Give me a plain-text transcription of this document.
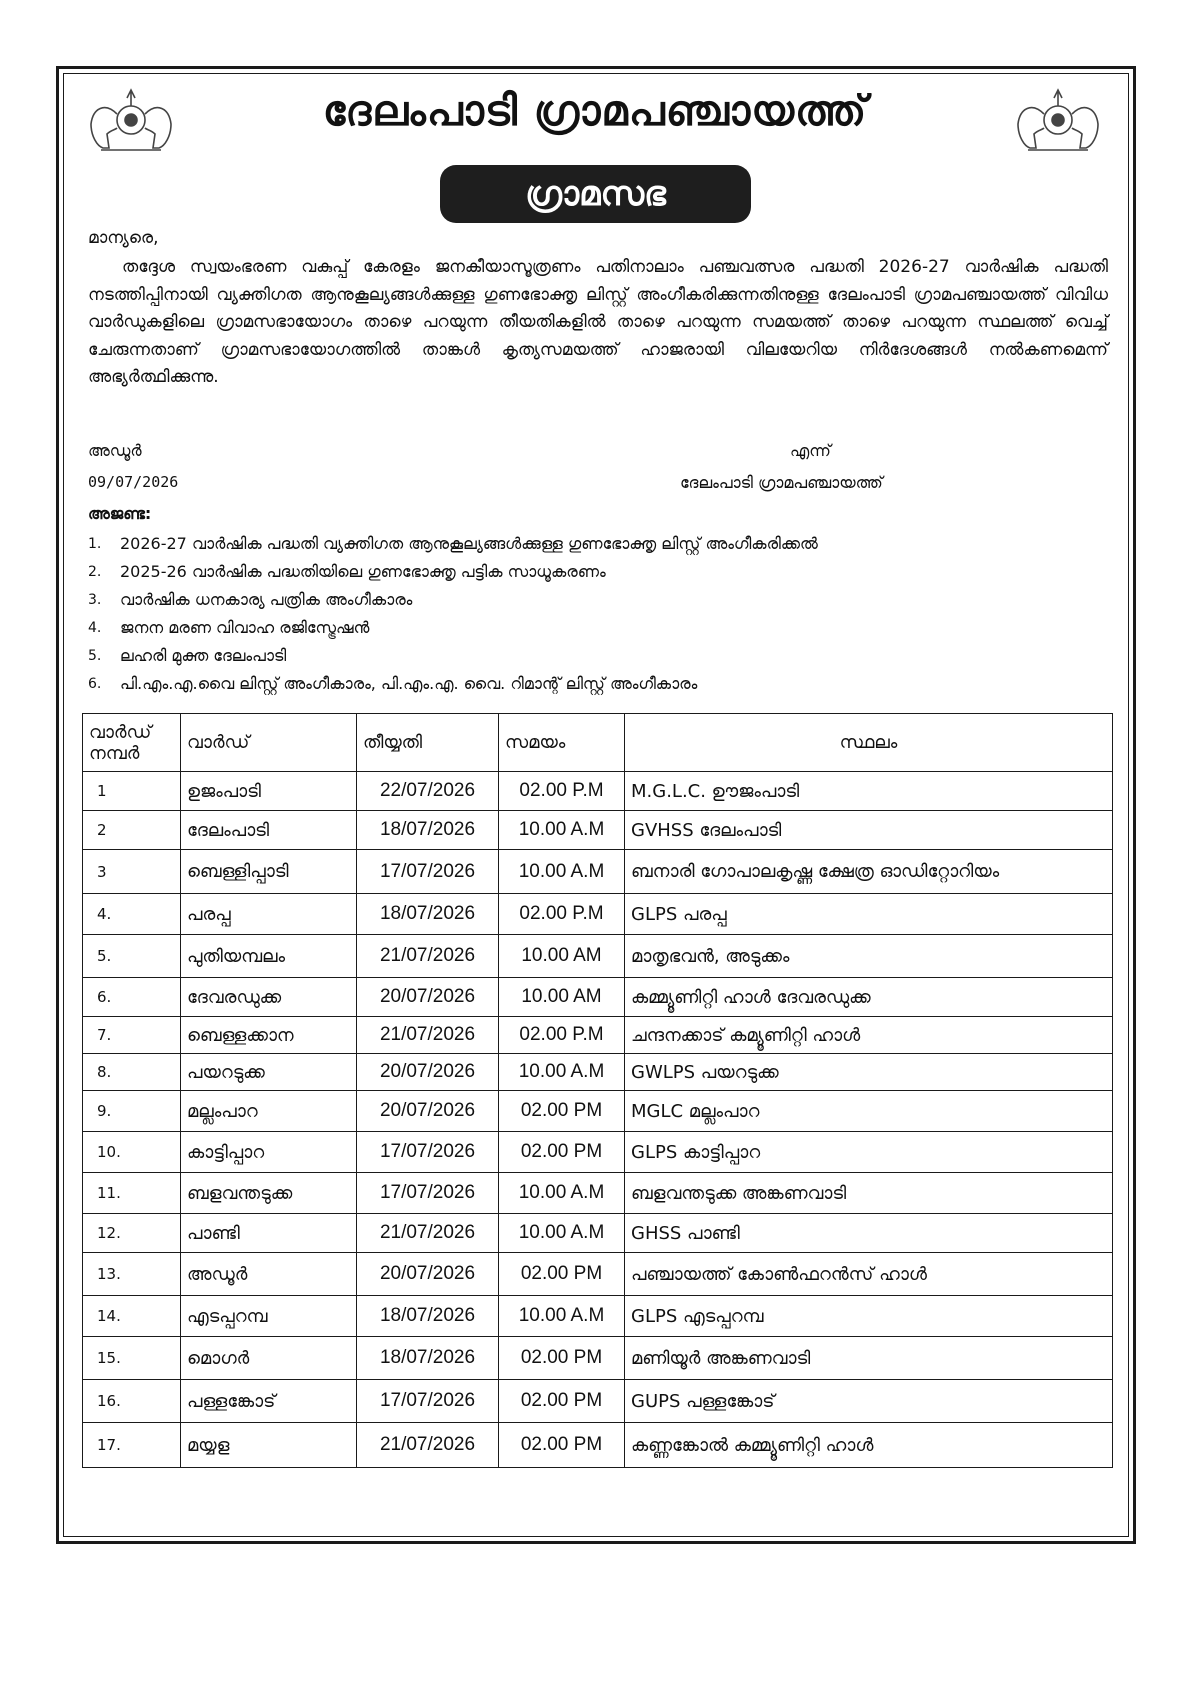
ദേലംപാടി ഗ്രാമപഞ്ചായത്ത്
ഗ്രാമസഭ
മാന്യരെ,

തദ്ദേശ സ്വയംഭരണ വകുപ്പ് കേരളം ജനകീയാസൂത്രണം പതിനാലാം പഞ്ചവത്സര പദ്ധതി 2026-27 വാർഷിക പദ്ധതി നടത്തിപ്പിനായി വ്യക്തിഗത ആനുകൂല്യങ്ങൾക്കുള്ള ഗുണഭോക്തൃ ലിസ്റ്റ് അംഗീകരിക്കുന്നതിനുള്ള ദേലംപാടി ഗ്രാമപഞ്ചായത്ത് വിവിധ വാർഡുകളിലെ ഗ്രാമസഭായോഗം താഴെ പറയുന്ന തീയതികളിൽ താഴെ പറയുന്ന സമയത്ത് താഴെ പറയുന്ന സ്ഥലത്ത് വെച്ച് ചേരുന്നതാണ് ഗ്രാമസഭായോഗത്തിൽ താങ്കൾ കൃത്യസമയത്ത് ഹാജരായി വിലയേറിയ നിർദേശങ്ങൾ നൽകണമെന്ന് അഭ്യർത്ഥിക്കുന്നു.

അഡൂർ	എന്ന്
09/07/2026	ദേലംപാടി ഗ്രാമപഞ്ചായത്ത്
അജണ്ട:
1.	2026-27 വാർഷിക പദ്ധതി വ്യക്തിഗത ആനുകൂല്യങ്ങൾക്കുള്ള ഗുണഭോക്തൃ ലിസ്റ്റ് അംഗീകരിക്കൽ
2.	2025-26 വാർഷിക പദ്ധതിയിലെ ഗുണഭോക്തൃ പട്ടിക സാധൂകരണം
3.	വാർഷിക ധനകാര്യ പത്രിക അംഗീകാരം
4.	ജനന മരണ വിവാഹ രജിസ്ട്രേഷൻ
5.	ലഹരി മുക്ത ദേലംപാടി
6.	പി.എം.എ.വൈ ലിസ്റ്റ് അംഗീകാരം, പി.എം.എ. വൈ. റിമാന്റ് ലിസ്റ്റ് അംഗീകാരം
വാർഡ്
നമ്പർ	വാർഡ്	തീയ്യതി	സമയം	സ്ഥലം
1	ഉജംപാടി	22/07/2026	02.00 P.M	M.G.L.C. ഊജംപാടി
2	ദേലംപാടി	18/07/2026	10.00 A.M	GVHSS ദേലംപാടി
3	ബെള്ളിപ്പാടി	17/07/2026	10.00 A.M	ബനാരി ഗോപാലകൃഷ്ണ ക്ഷേത്ര ഓഡിറ്റോറിയം
4.	പരപ്പ	18/07/2026	02.00 P.M	GLPS പരപ്പ
5.	പുതിയമ്പലം	21/07/2026	10.00 AM	മാതൃഭവൻ, അടുക്കം
6.	ദേവരഡുക്ക	20/07/2026	10.00 AM	കമ്മ്യൂണിറ്റി ഹാൾ ദേവരഡുക്ക
7.	ബെള്ളക്കാന	21/07/2026	02.00 P.M	ചന്ദനക്കാട് കമ്യൂണിറ്റി ഹാൾ
8.	പയറടുക്ക	20/07/2026	10.00 A.M	GWLPS പയറടുക്ക
9.	മല്ലംപാറ	20/07/2026	02.00 PM	MGLC മല്ലംപാറ
10.	കാട്ടിപ്പാറ	17/07/2026	02.00 PM	GLPS കാട്ടിപ്പാറ
11.	ബളവന്തടുക്ക	17/07/2026	10.00 A.M	ബളവന്തടുക്ക അങ്കണവാടി
12.	പാണ്ടി	21/07/2026	10.00 A.M	GHSS പാണ്ടി
13.	അഡൂർ	20/07/2026	02.00 PM	പഞ്ചായത്ത് കോൺഫറൻസ് ഹാൾ
14.	എടപ്പറമ്പ	18/07/2026	10.00 A.M	GLPS എടപ്പറമ്പ
15.	മൊഗർ	18/07/2026	02.00 PM	മണിയൂർ അങ്കണവാടി
16.	പള്ളങ്കോട്	17/07/2026	02.00 PM	GUPS പള്ളങ്കോട്
17.	മയ്യള	21/07/2026	02.00 PM	കണ്ണങ്കോൽ കമ്മ്യൂണിറ്റി ഹാൾ
